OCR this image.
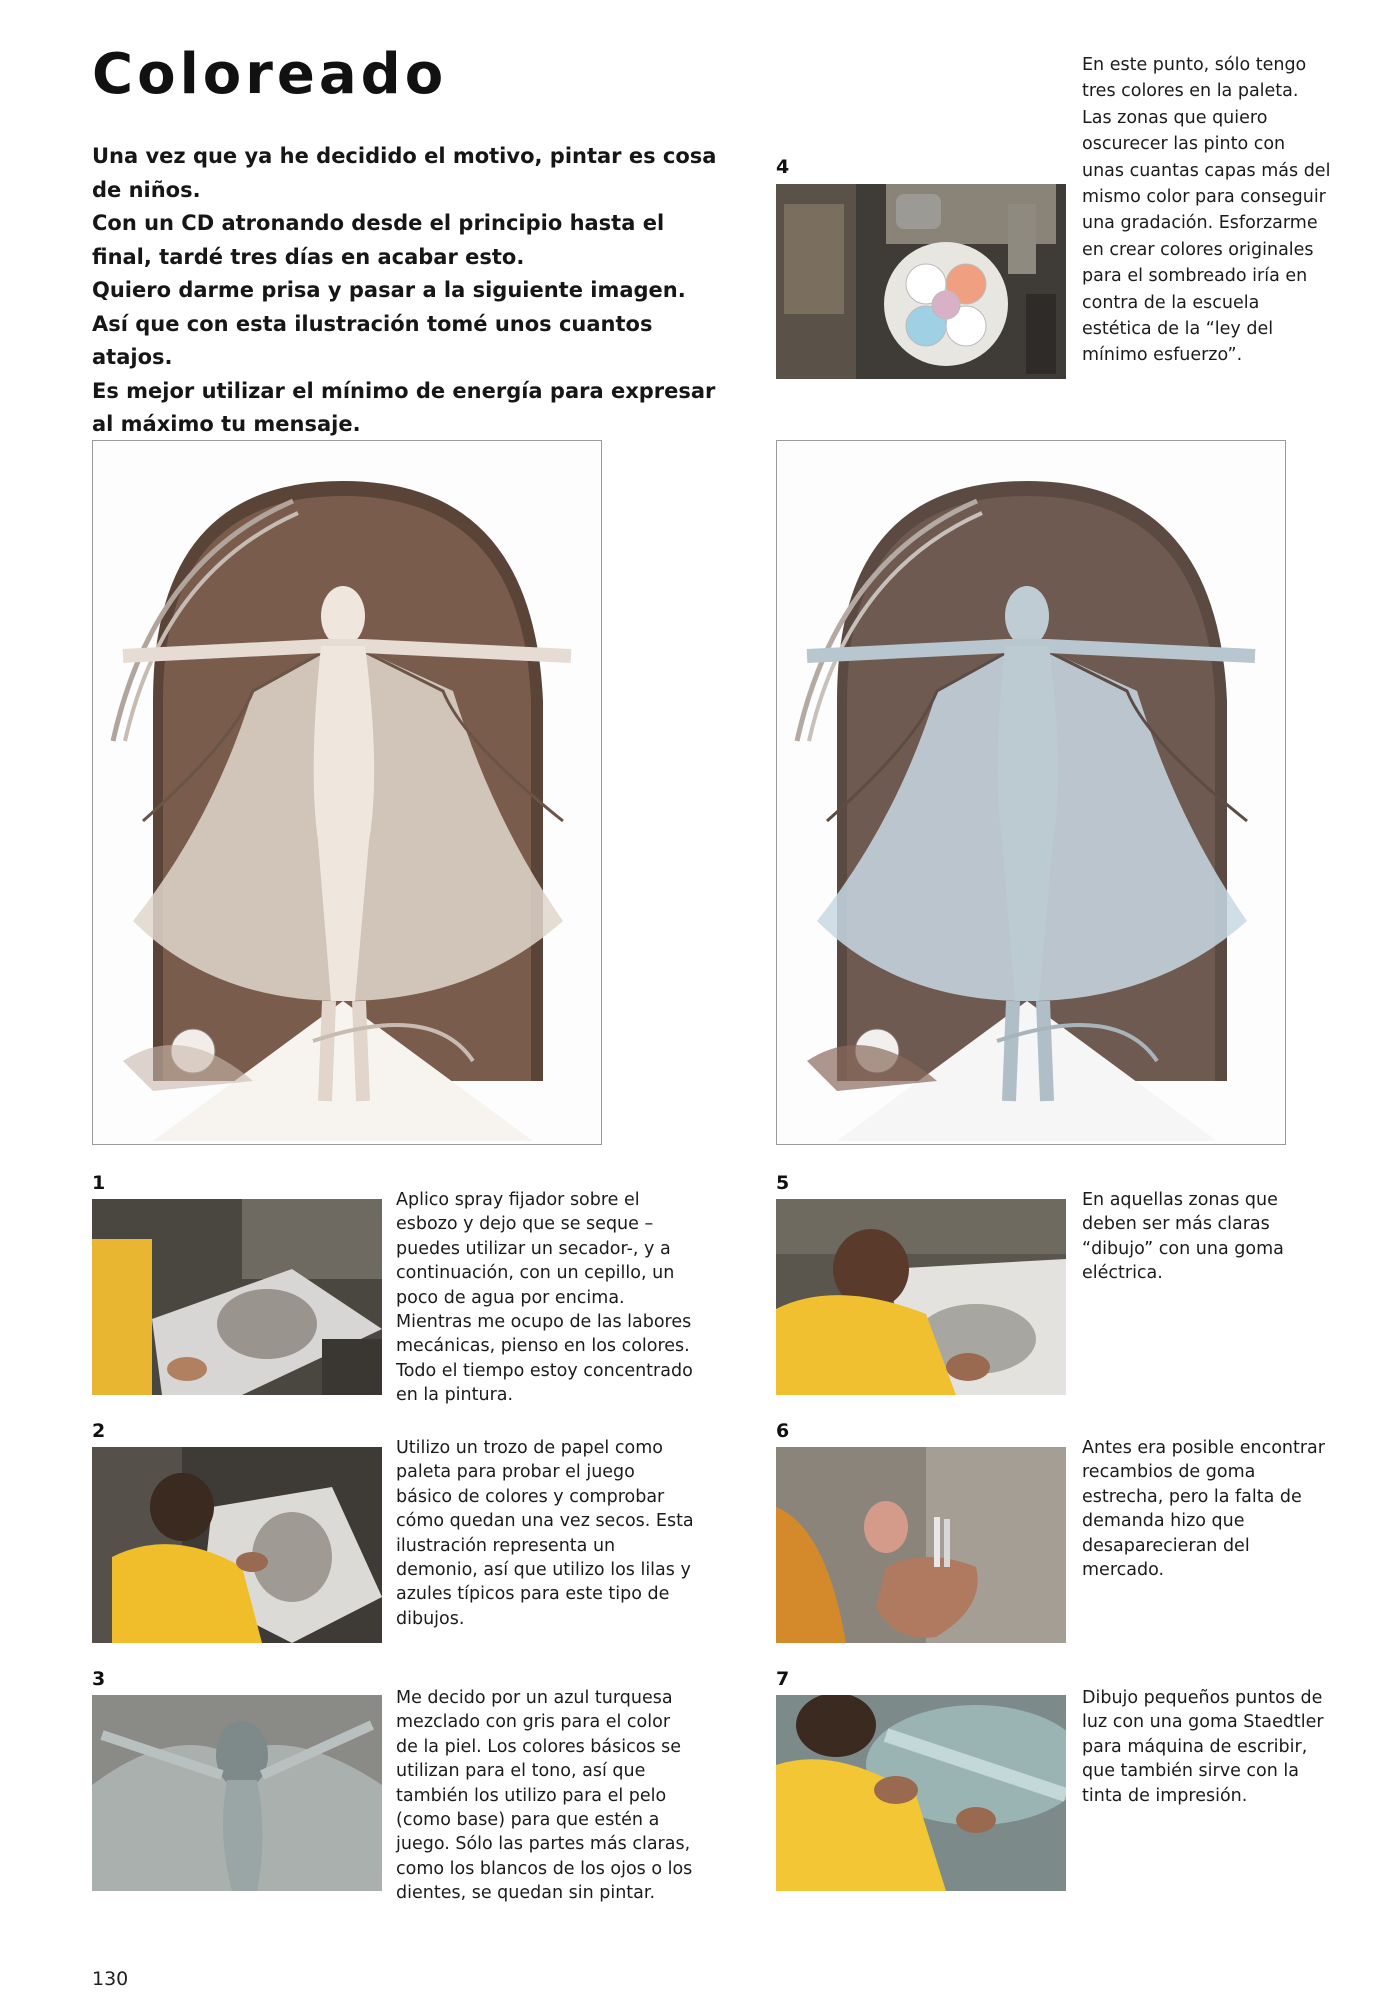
Coloreado

Una vez que ya he decidido el motivo, pintar es cosa de niños.

Con un CD atronando desde el principio hasta el final, tardé tres días en acabar esto.

Quiero darme prisa y pasar a la siguiente imagen.

Así que con esta ilustración tomé unos cuantos atajos.

Es mejor utilizar el mínimo de energía para expresar al máximo tu mensaje.

4
En este punto, sólo tengo tres colores en la paleta. Las zonas que quiero oscurecer las pinto con unas cuantas capas más del mismo color para conseguir una gradación. Esforzarme en crear colores originales para el sombreado iría en contra de la escuela estética de la “ley del mínimo esfuerzo”.
1
Aplico spray fijador sobre el esbozo y dejo que se seque –puedes utilizar un secador-, y a continuación, con un cepillo, un poco de agua por encima. Mientras me ocupo de las labores mecánicas, pienso en los colores. Todo el tiempo estoy concentrado en la pintura.
5
En aquellas zonas que deben ser más claras “dibujo” con una goma eléctrica.
2
Utilizo un trozo de papel como paleta para probar el juego básico de colores y comprobar cómo quedan una vez secos. Esta ilustración representa un demonio, así que utilizo los lilas y azules típicos para este tipo de dibujos.
6
Antes era posible encontrar recambios de goma estrecha, pero la falta de demanda hizo que desaparecieran del mercado.
3
Me decido por un azul turquesa mezclado con gris para el color de la piel. Los colores básicos se utilizan para el tono, así que también los utilizo para el pelo (como base) para que estén a juego. Sólo las partes más claras, como los blancos de los ojos o los dientes, se quedan sin pintar.
7
Dibujo pequeños puntos de luz con una goma Staedtler para máquina de escribir, que también sirve con la tinta de impresión.
130
